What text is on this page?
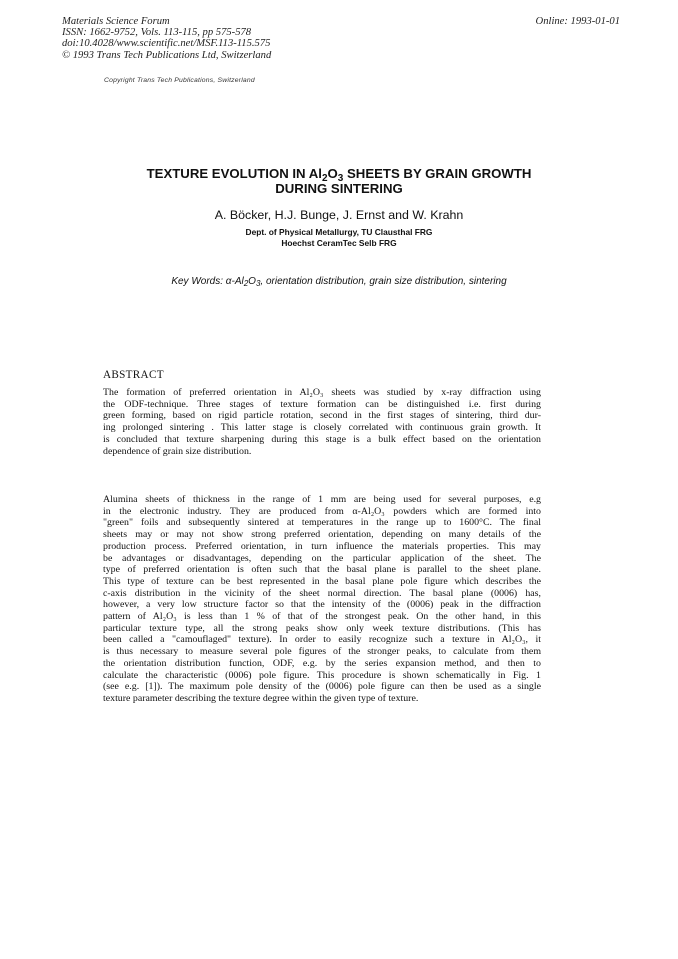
Materials Science Forum
ISSN: 1662-9752, Vols. 113-115, pp 575-578
doi:10.4028/www.scientific.net/MSF.113-115.575
© 1993 Trans Tech Publications Ltd, Switzerland
Online: 1993-01-01
Copyright Trans Tech Publications, Switzerland
TEXTURE EVOLUTION IN $Al_2O_3$ SHEETS BY GRAIN GROWTH
DURING SINTERING
A. Böcker, H.J. Bunge, J. Ernst and W. Krahn
Dept. of Physical Metallurgy, TU Clausthal FRG
Hoechst CeramTec Selb FRG
Key Words: $\alpha-Al_2O_3$, orientation distribution, grain size distribution, sintering
ABSTRACT
The formation of preferred orientation in Al₂O₃ sheets was studied by x-ray diffraction using
the ODF-technique. Three stages of texture formation can be distinguished i.e. first during
green forming, based on rigid particle rotation, second in the first stages of sintering, third dur-
ing prolonged sintering . This latter stage is closely correlated with continuous grain growth. It
is concluded that texture sharpening during this stage is a bulk effect based on the orientation
dependence of grain size distribution.
Alumina sheets of thickness in the range of 1 mm are being used for several purposes, e.g
in the electronic industry. They are produced from α-Al₂O₃ powders which are formed into
"green" foils and subsequently sintered at temperatures in the range up to 1600°C. The final
sheets may or may not show strong preferred orientation, depending on many details of the
production process. Preferred orientation, in turn influence the materials properties. This may
be advantages or disadvantages, depending on the particular application of the sheet. The
type of preferred orientation is often such that the basal plane is parallel to the sheet plane.
This type of texture can be best represented in the basal plane pole figure which describes the
c-axis distribution in the vicinity of the sheet normal direction. The basal plane (0006) has,
however, a very low structure factor so that the intensity of the (0006) peak in the diffraction
pattern of Al₂O₃ is less than 1 % of that of the strongest peak. On the other hand, in this
particular texture type, all the strong peaks show only week texture distributions. (This has
been called a "camouflaged" texture). In order to easily recognize such a texture in Al₂O₃, it
is thus necessary to measure several pole figures of the stronger peaks, to calculate from them
the orientation distribution function, ODF, e.g. by the series expansion method, and then to
calculate the characteristic (0006) pole figure. This procedure is shown schematically in Fig. 1
(see e.g. [1]). The maximum pole density of the (0006) pole figure can then be used as a single
texture parameter describing the texture degree within the given type of texture.
